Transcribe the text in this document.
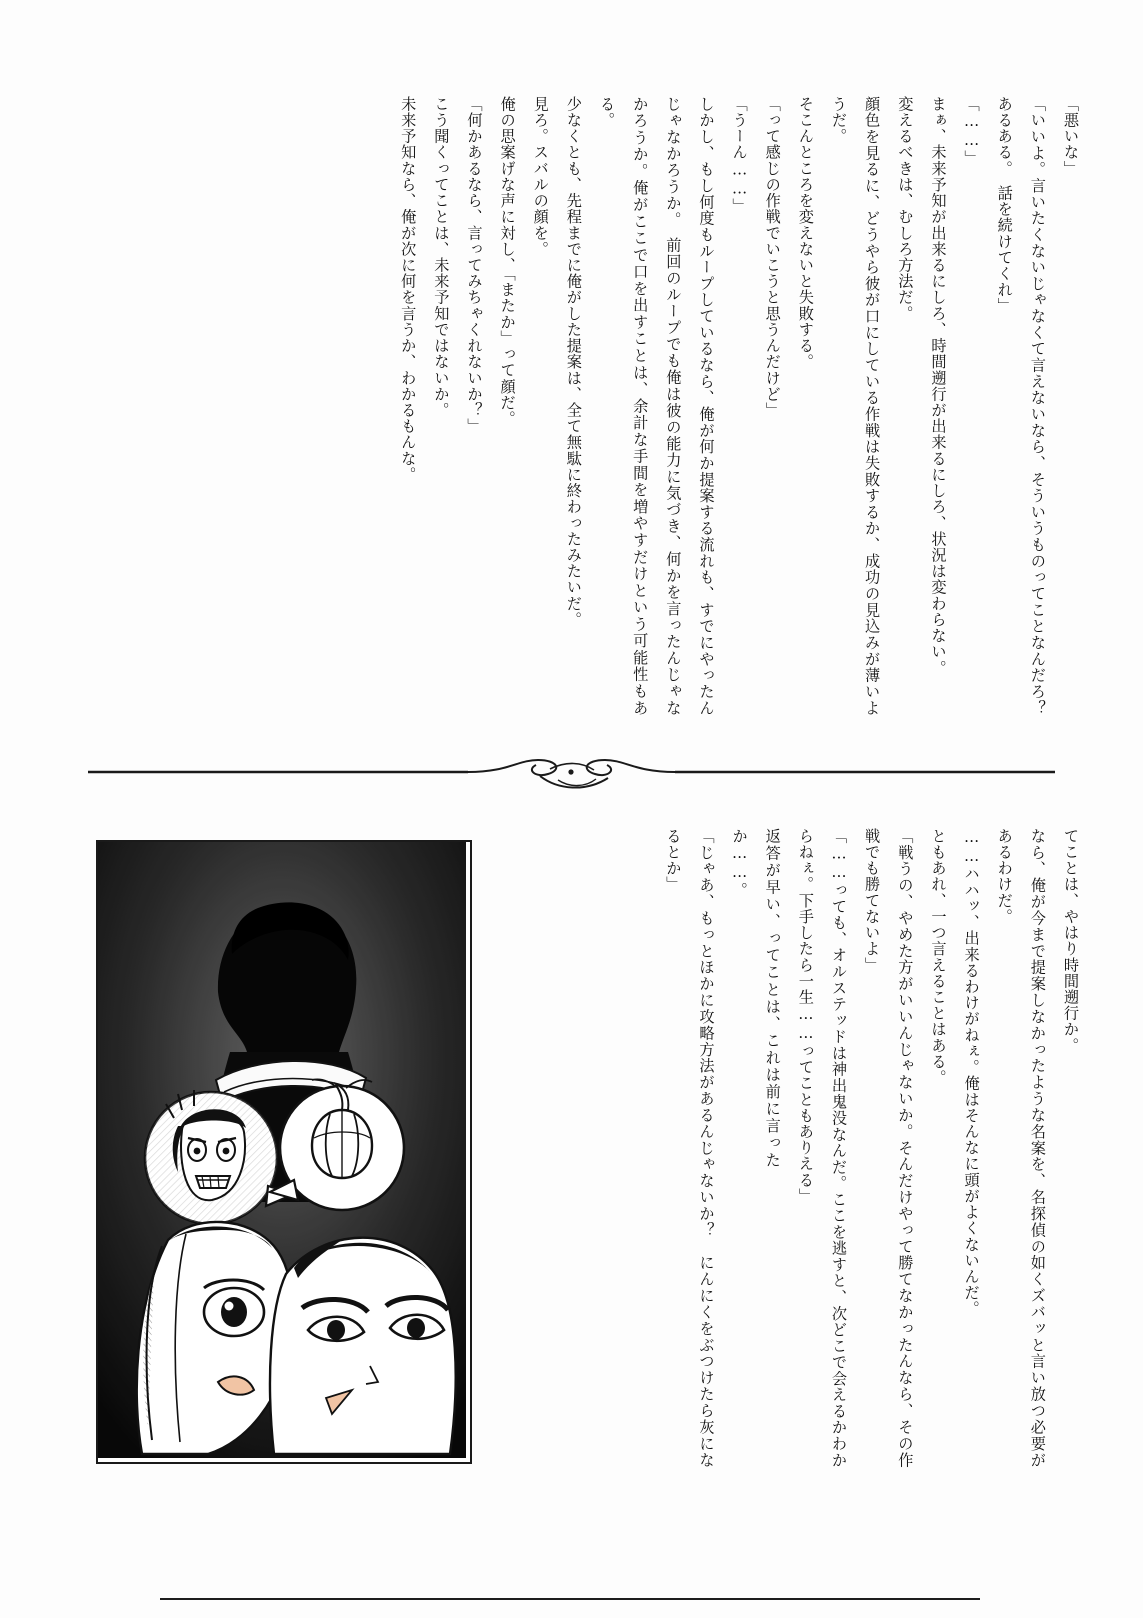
「悪いな」
「いいよ。言いたくないじゃなくて言えないなら、そういうものってことなんだろ？　あるある。　話を続けてくれ」
「……」
まぁ、未来予知が出来るにしろ、時間遡行が出来るにしろ、状況は変わらない。
変えるべきは、むしろ方法だ。
顔色を見るに、どうやら彼が口にしている作戦は失敗するか、成功の見込みが薄いようだ。
そこんところを変えないと失敗する。
「って感じの作戦でいこうと思うんだけど」
「うーん……」
しかし、もし何度もループしているなら、俺が何か提案する流れも、すでにやったんじゃなかろうか。　前回のループでも俺は彼の能力に気づき、何かを言ったんじゃなかろうか。俺がここで口を出すことは、余計な手間を増やすだけという可能性もある。
少なくとも、先程までに俺がした提案は、全て無駄に終わったみたいだ。
見ろ。スバルの顔を。
俺の思案げな声に対し、「またか」って顔だ。
「何かあるなら、言ってみちゃくれないか？」
こう聞くってことは、未来予知ではないか。
未来予知なら、俺が次に何を言うか、わかるもんな。
てことは、やはり時間遡行か。
なら、俺が今まで提案しなかったような名案を、名探偵の如くズバッと言い放つ必要があるわけだ。
……ハハッ、出来るわけがねぇ。俺はそんなに頭がよくないんだ。
ともあれ、一つ言えることはある。
「戦うの、やめた方がいいんじゃないか。そんだけやって勝てなかったんなら、その作戦でも勝てないよ」
「……っても、オルステッドは神出鬼没なんだ。ここを逃すと、次どこで会えるかわからねぇ。下手したら一生……ってこともありえる」
返答が早い、ってことは、これは前に言ったか……。
「じゃあ、もっとほかに攻略方法があるんじゃないか？　にんにくをぶつけたら灰になるとか」
